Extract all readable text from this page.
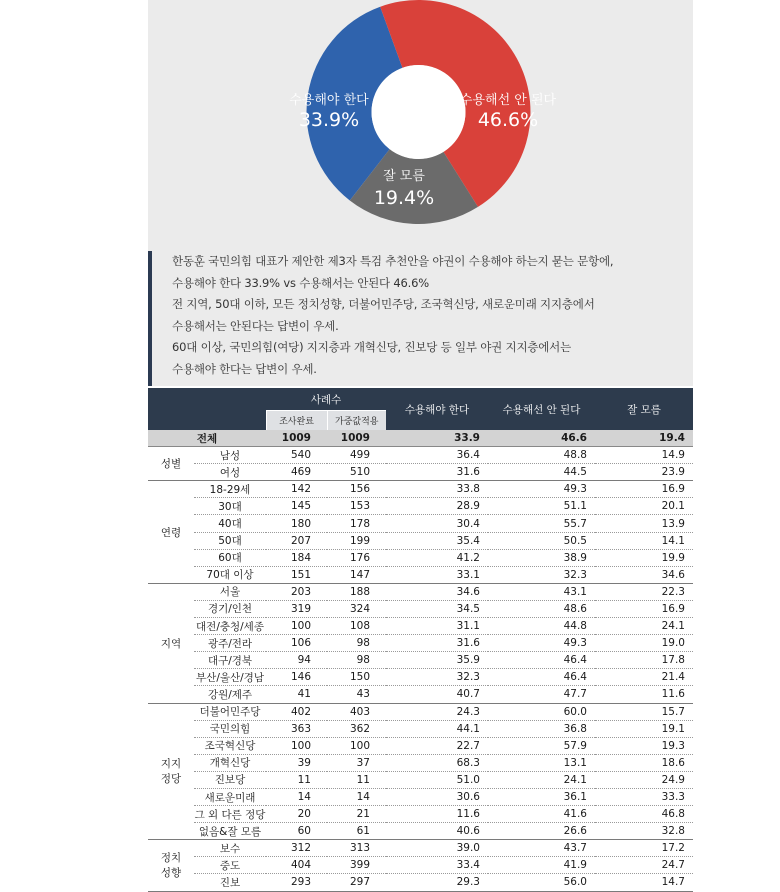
수용해야 한다
33.9%
수용해선 안 된다
46.6%
잘 모름
19.4%
한동훈 국민의힘 대표가 제안한 제3자 특검 추천안을 야권이 수용해야 하는지 묻는 문항에,
수용해야 한다 33.9% vs 수용해서는 안된다 46.6%
전 지역, 50대 이하, 모든 정치성향, 더불어민주당, 조국혁신당, 새로운미래 지지층에서
수용해서는 안된다는 답변이 우세.
60대 이상, 국민의힘(여당) 지지층과 개혁신당, 진보당 등 일부 야권 지지층에서는
수용해야 한다는 답변이 우세.
		사례수		수용해야 한다	수용해선 안 된다	잘 모름
		조사완료	가중값적용			
전체		1009	1009	33.9	46.6	19.4
성별	남성	540	499	36.4	48.8	14.9
	여성	469	510	31.6	44.5	23.9
연령	18-29세	142	156	33.8	49.3	16.9
	30대	145	153	28.9	51.1	20.1
	40대	180	178	30.4	55.7	13.9
	50대	207	199	35.4	50.5	14.1
	60대	184	176	41.2	38.9	19.9
	70대 이상	151	147	33.1	32.3	34.6
지역	서울	203	188	34.6	43.1	22.3
	경기/인천	319	324	34.5	48.6	16.9
	대전/충청/세종	100	108	31.1	44.8	24.1
	광주/전라	106	98	31.6	49.3	19.0
	대구/경북	94	98	35.9	46.4	17.8
	부산/울산/경남	146	150	32.3	46.4	21.4
	강원/제주	41	43	40.7	47.7	11.6
지지
정당	더불어민주당	402	403	24.3	60.0	15.7
	국민의힘	363	362	44.1	36.8	19.1
	조국혁신당	100	100	22.7	57.9	19.3
	개혁신당	39	37	68.3	13.1	18.6
	진보당	11	11	51.0	24.1	24.9
	새로운미래	14	14	30.6	36.1	33.3
	그 외 다른 정당	20	21	11.6	41.6	46.8
	없음&잘 모름	60	61	40.6	26.6	32.8
정치
성향	보수	312	313	39.0	43.7	17.2
	중도	404	399	33.4	41.9	24.7
	진보	293	297	29.3	56.0	14.7
